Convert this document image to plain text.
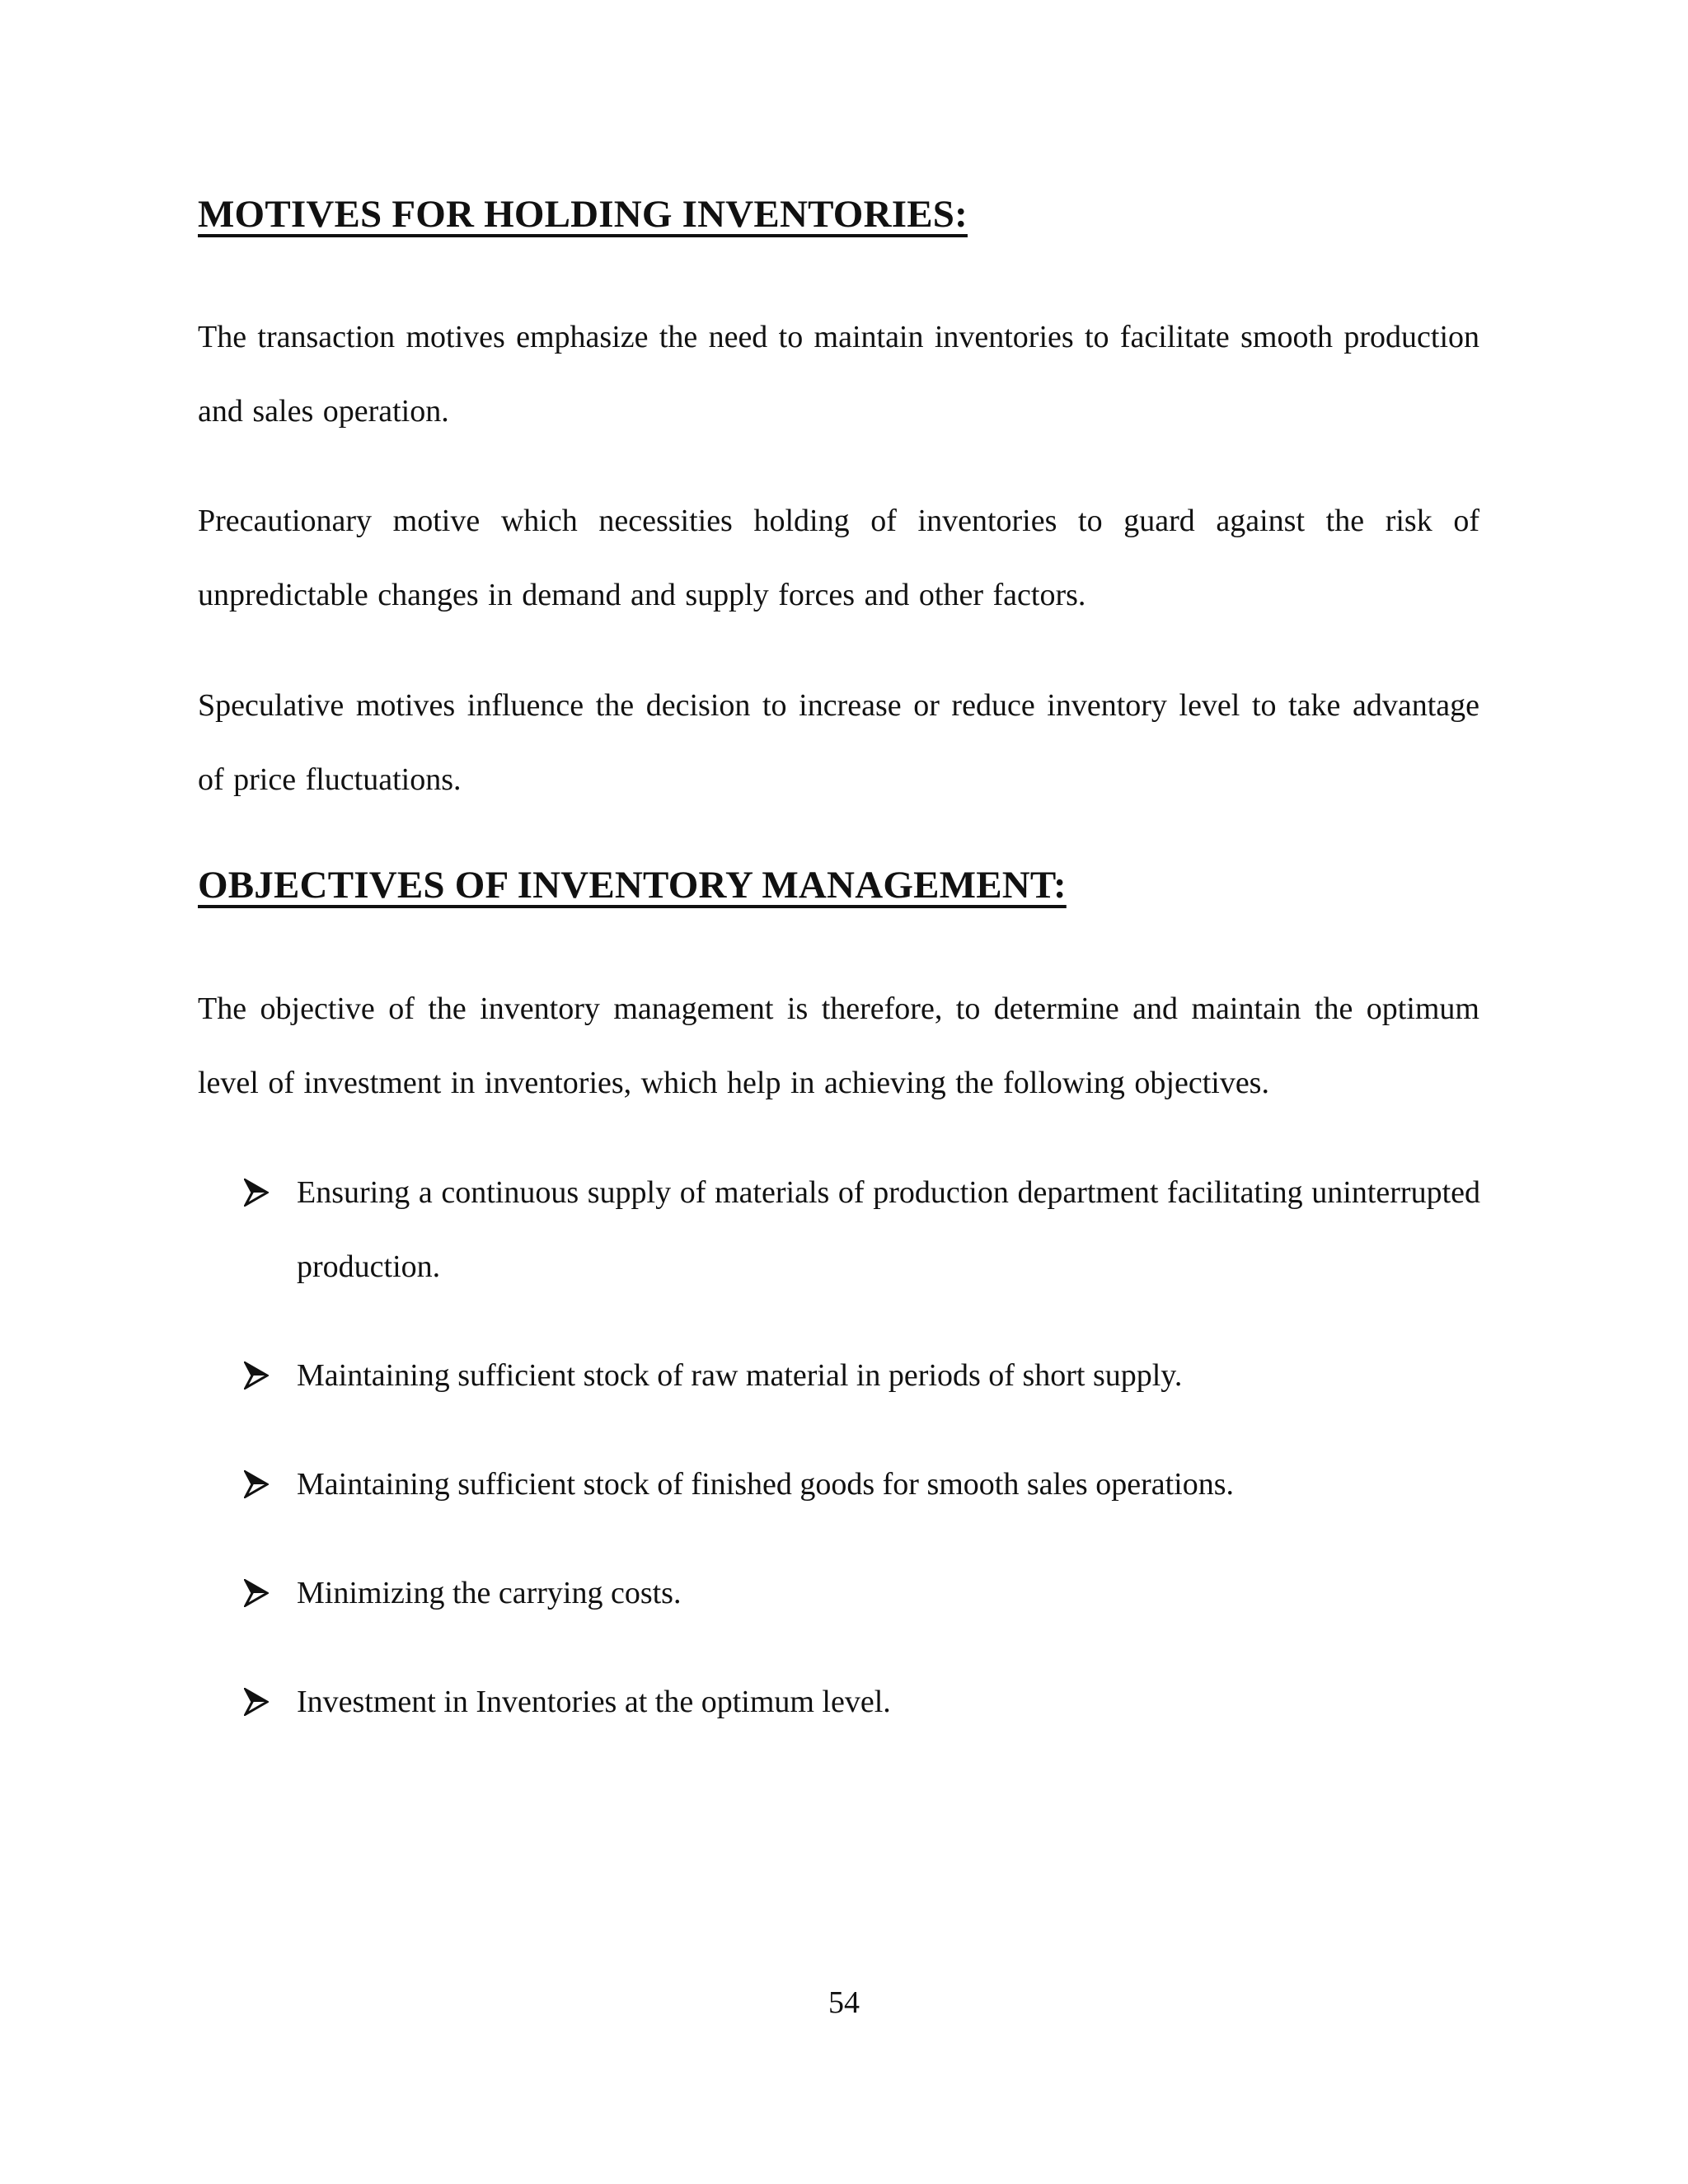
MOTIVES FOR HOLDING INVENTORIES:

The transaction motives emphasize the need to maintain inventories to facilitate smooth production and sales operation.

Precautionary motive which necessities holding of inventories to guard against the risk of unpredictable changes in demand and supply forces and other factors.

Speculative motives influence the decision to increase or reduce inventory level to take advantage of price fluctuations.

OBJECTIVES OF INVENTORY MANAGEMENT:

The objective of the inventory management is therefore, to determine and maintain the optimum level of investment in inventories, which help in achieving the following objectives.

Ensuring a continuous supply of materials of production department facilitating uninterrupted production.
Maintaining sufficient stock of raw material in periods of short supply.
Maintaining sufficient stock of finished goods for smooth sales operations.
Minimizing the carrying costs.
Investment in Inventories at the optimum level.

54
